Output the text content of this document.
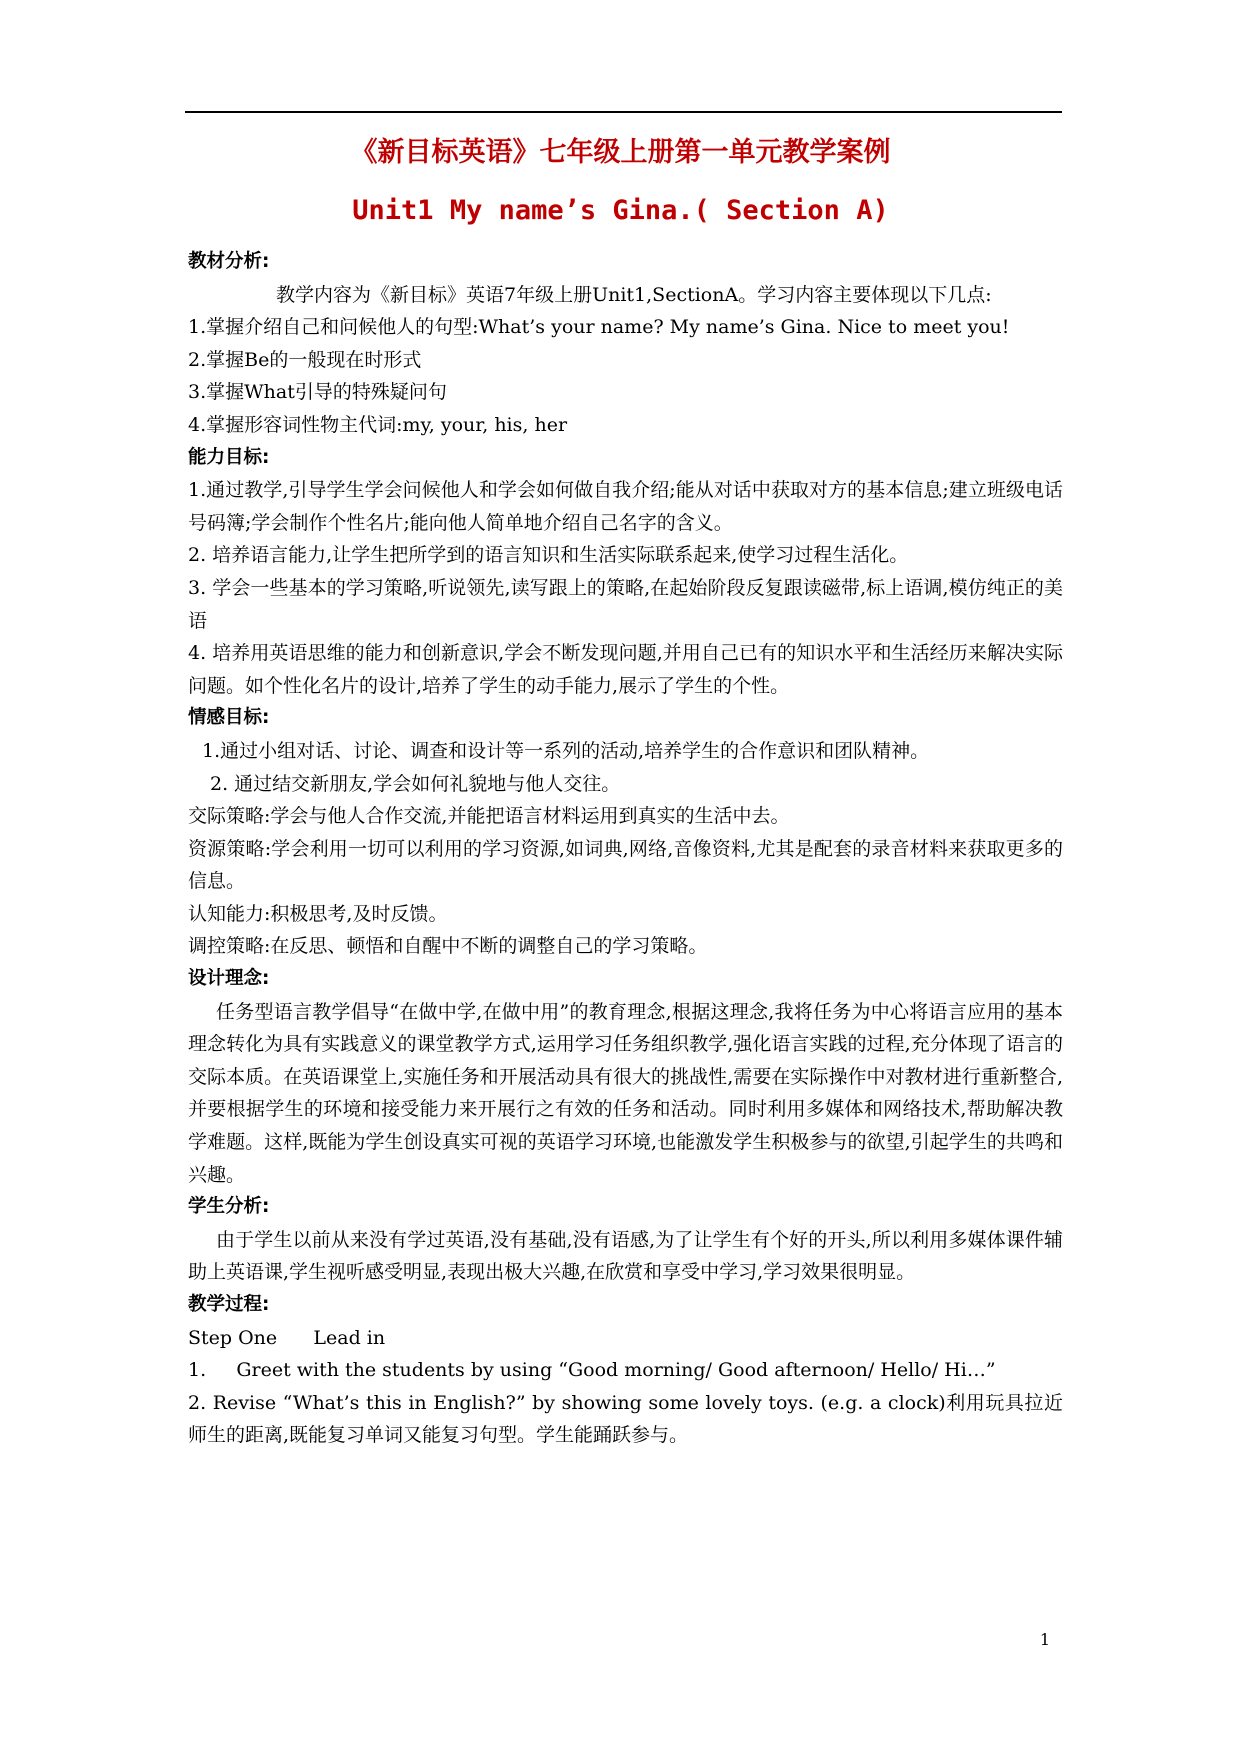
《新目标英语》七年级上册第一单元教学案例
Unit1 My name’s Gina.( Section A)

教材分析:

教学内容为《新目标》英语7年级上册Unit1,SectionA。学习内容主要体现以下几点:

1.掌握介绍自己和问候他人的句型:What’s your name? My name’s Gina. Nice to meet you!

2.掌握Be的一般现在时形式

3.掌握What引导的特殊疑问句

4.掌握形容词性物主代词:my, your, his, her

能力目标:

1.通过教学,引导学生学会问候他人和学会如何做自我介绍;能从对话中获取对方的基本信息;建立班级电话号码簿;学会制作个性名片;能向他人简单地介绍自己名字的含义。

2. 培养语言能力,让学生把所学到的语言知识和生活实际联系起来,使学习过程生活化。

3. 学会一些基本的学习策略,听说领先,读写跟上的策略,在起始阶段反复跟读磁带,标上语调,模仿纯正的美语

4. 培养用英语思维的能力和创新意识,学会不断发现问题,并用自己已有的知识水平和生活经历来解决实际问题。如个性化名片的设计,培养了学生的动手能力,展示了学生的个性。

情感目标:

1.通过小组对话、讨论、调查和设计等一系列的活动,培养学生的合作意识和团队精神。

2. 通过结交新朋友,学会如何礼貌地与他人交往。

交际策略:学会与他人合作交流,并能把语言材料运用到真实的生活中去。

资源策略:学会利用一切可以利用的学习资源,如词典,网络,音像资料,尤其是配套的录音材料来获取更多的信息。

认知能力:积极思考,及时反馈。

调控策略:在反思、顿悟和自醒中不断的调整自己的学习策略。

设计理念:

任务型语言教学倡导“在做中学,在做中用”的教育理念,根据这理念,我将任务为中心将语言应用的基本理念转化为具有实践意义的课堂教学方式,运用学习任务组织教学,强化语言实践的过程,充分体现了语言的交际本质。在英语课堂上,实施任务和开展活动具有很大的挑战性,需要在实际操作中对教材进行重新整合,并要根据学生的环境和接受能力来开展行之有效的任务和活动。同时利用多媒体和网络技术,帮助解决教学难题。这样,既能为学生创设真实可视的英语学习环境,也能激发学生积极参与的欲望,引起学生的共鸣和兴趣。

学生分析:

由于学生以前从来没有学过英语,没有基础,没有语感,为了让学生有个好的开头,所以利用多媒体课件辅助上英语课,学生视听感受明显,表现出极大兴趣,在欣赏和享受中学习,学习效果很明显。

教学过程:

Step One      Lead in

1.     Greet with the students by using “Good morning/ Good afternoon/ Hello/ Hi…”

2. Revise “What’s this in English?” by showing some lovely toys. (e.g. a clock)利用玩具拉近师生的距离,既能复习单词又能复习句型。学生能踊跃参与。

1
